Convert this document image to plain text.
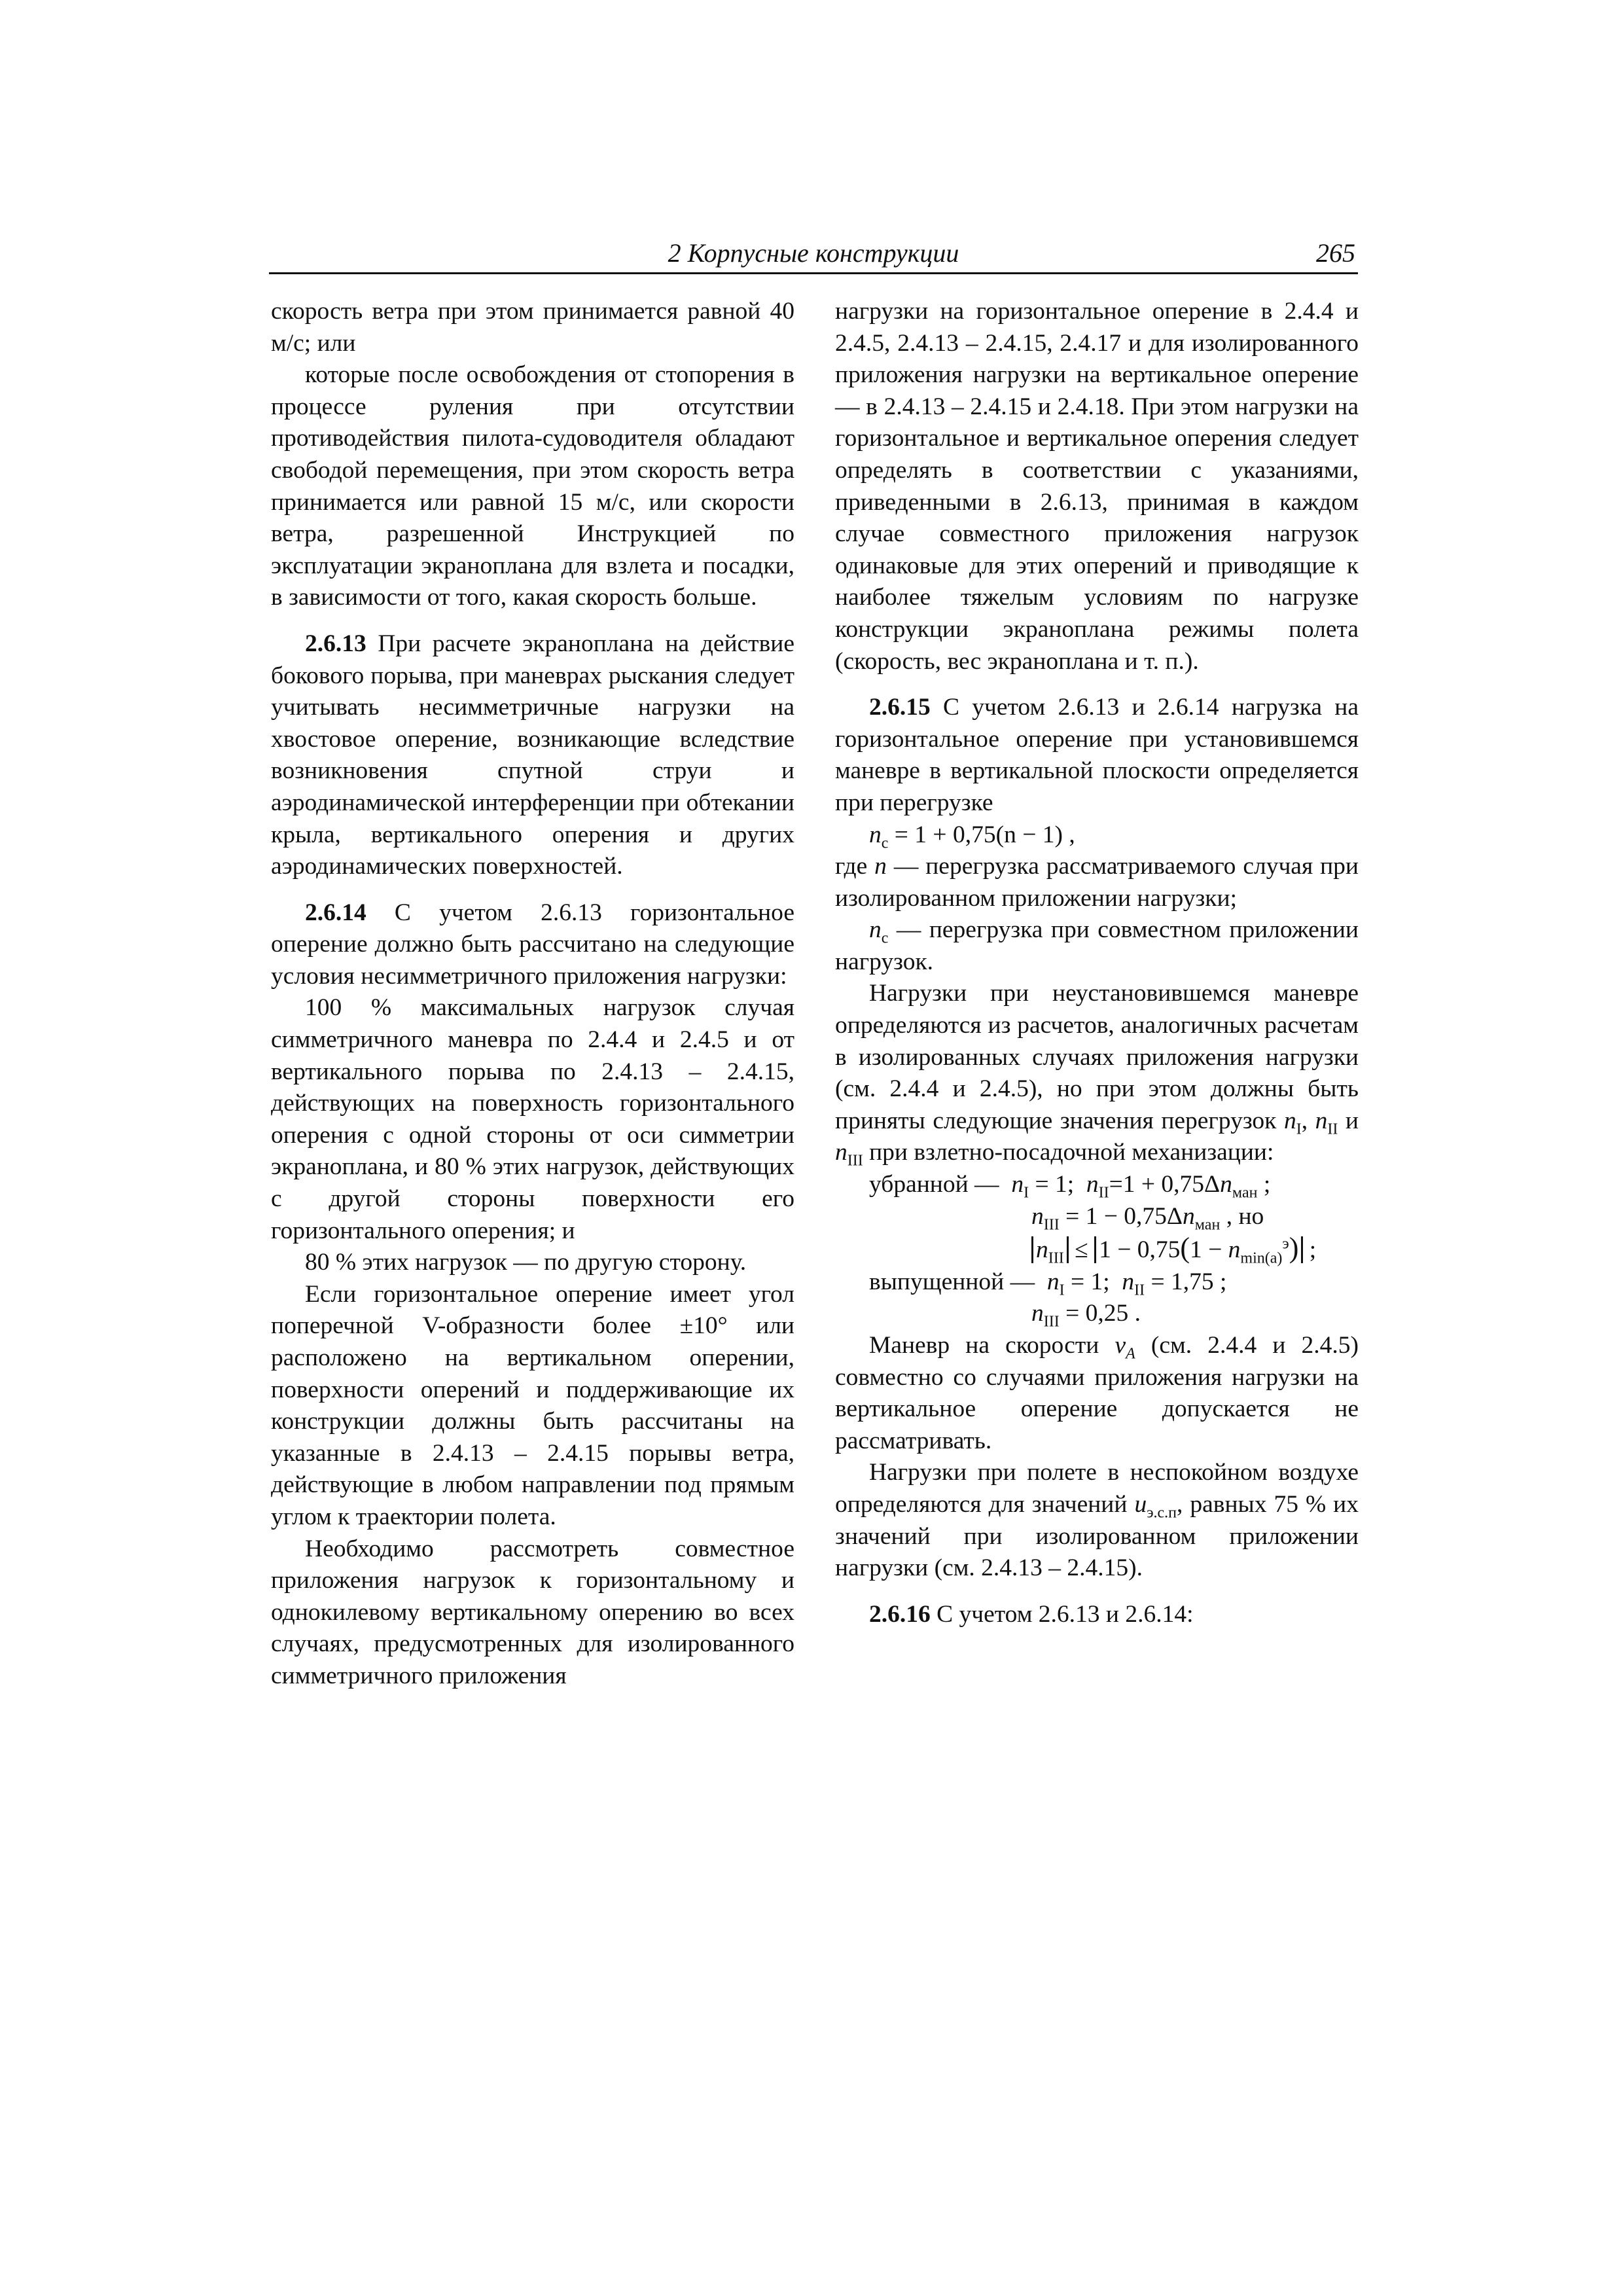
2 Корпусные конструкции	265

скорость ветра при этом принимается равной 40 м/с; или

которые после освобождения от стопорения в процессе руления при отсутствии противодействия пилота-судоводителя обладают свободой перемещения, при этом скорость ветра принимается или равной 15 м/с, или скорости ветра, разрешенной Инструкцией по эксплуатации экраноплана для взлета и посадки, в зависимости от того, какая скорость больше.

2.6.13 При расчете экраноплана на действие бокового порыва, при маневрах рыскания следует учитывать несимметричные нагрузки на хвостовое оперение, возникающие вследствие возникновения спутной струи и аэродинамической интерференции при обтекании крыла, вертикального оперения и других аэродинамических поверхностей.

2.6.14 С учетом 2.6.13 горизонтальное оперение должно быть рассчитано на следующие условия несимметричного приложения нагрузки:

100 % максимальных нагрузок случая симметричного маневра по 2.4.4 и 2.4.5 и от вертикального порыва по 2.4.13 – 2.4.15, действующих на поверхность горизонтального оперения с одной стороны от оси симметрии экраноплана, и 80 % этих нагрузок, действующих с другой стороны поверхности его горизонтального оперения; и

80 % этих нагрузок — по другую сторону.

Если горизонтальное оперение имеет угол поперечной V-образности более ±10° или расположено на вертикальном оперении, поверхности оперений и поддерживающие их конструкции должны быть рассчитаны на указанные в 2.4.13 – 2.4.15 порывы ветра, действующие в любом направлении под прямым углом к траектории полета.

Необходимо рассмотреть совместное приложения нагрузок к горизонтальному и однокилевому вертикальному оперению во всех случаях, предусмотренных для изолированного симметричного приложения

нагрузки на горизонтальное оперение в 2.4.4 и 2.4.5, 2.4.13 – 2.4.15, 2.4.17 и для изолированного приложения нагрузки на вертикальное оперение — в 2.4.13 – 2.4.15 и 2.4.18. При этом нагрузки на горизонтальное и вертикальное оперения следует определять в соответствии с указаниями, приведенными в 2.6.13, принимая в каждом случае совместного приложения нагрузок одинаковые для этих оперений и приводящие к наиболее тяжелым условиям по нагрузке конструкции экраноплана режимы полета (скорость, вес экраноплана и т. п.).

2.6.15 С учетом 2.6.13 и 2.6.14 нагрузка на горизонтальное оперение при установившемся маневре в вертикальной плоскости определяется при перегрузке

$n_с = 1 + 0,75(n - 1)$ ,

где n — перегрузка рассматриваемого случая при изолированном приложении нагрузки;

$n_с$ — перегрузка при совместном приложении нагрузок.

Нагрузки при неустановившемся маневре определяются из расчетов, аналогичных расчетам в изолированных случаях приложения нагрузки (см. 2.4.4 и 2.4.5), но при этом должны быть приняты следующие значения перегрузок $n_I$, $n_{II}$ и $n_{III}$ при взлетно-посадочной механизации:

убранной — $n_I = 1$; $n_{II}=1 + 0,75\Delta n_{ман}$ ;
$n_{III} = 1 - 0,75\Delta n_{ман}$ , но
$n_{III} \le 1 - 0,75(1 - n_{min(a)}^э)$ ;
выпущенной — $n_I = 1$; $n_{II} = 1,75$ ;
$n_{III} = 0,25$ .

Маневр на скорости $v_A$ (см. 2.4.4 и 2.4.5) совместно со случаями приложения нагрузки на вертикальное оперение допускается не рассматривать.

Нагрузки при полете в неспокойном воздухе определяются для значений $u_{э.с.п}$, равных 75 % их значений при изолированном приложении нагрузки (см. 2.4.13 – 2.4.15).

2.6.16 С учетом 2.6.13 и 2.6.14:
